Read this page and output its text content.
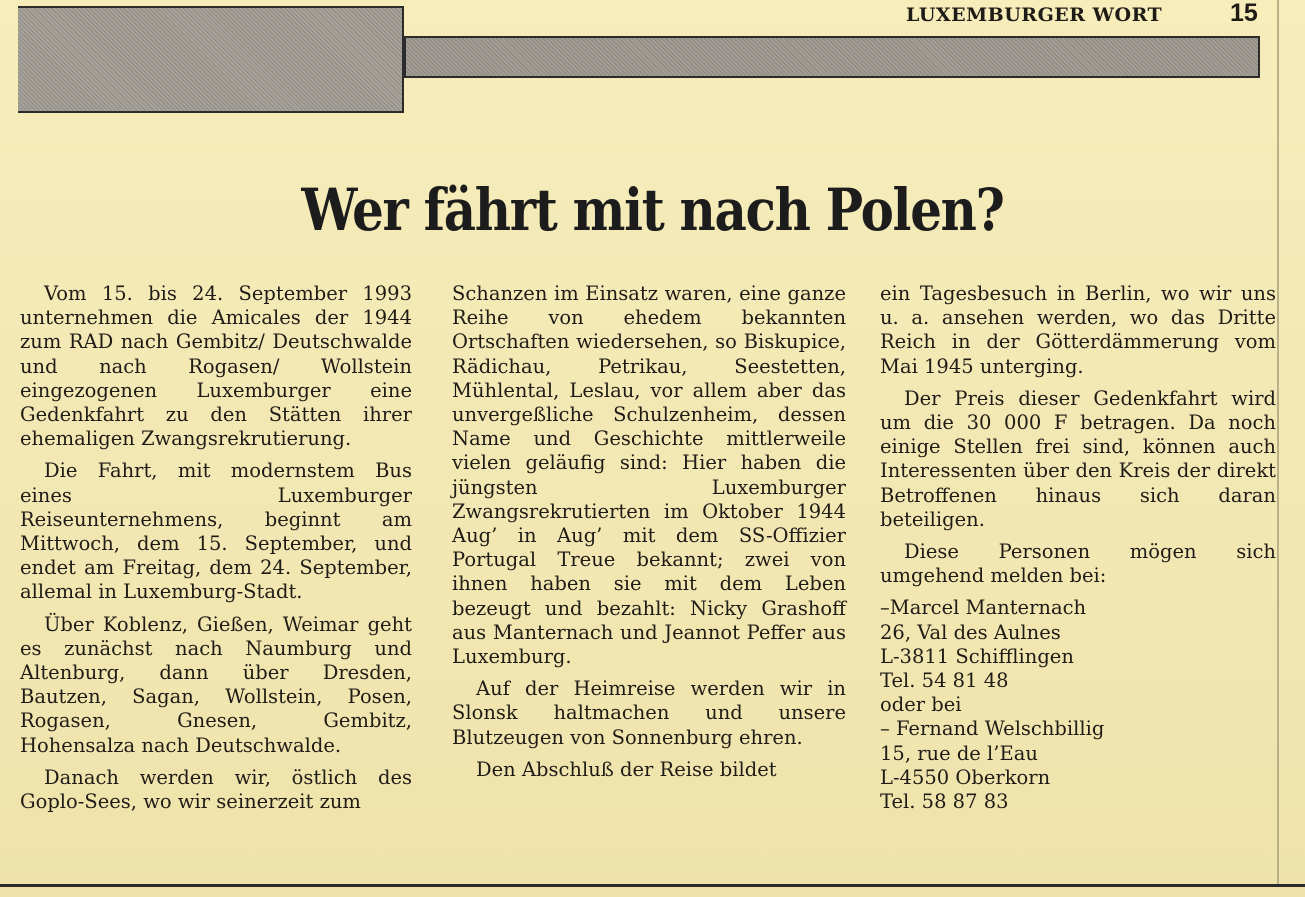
LUXEMBURGER WORT	15
Wer fährt mit nach Polen?

Vom 15. bis 24. September 1993 unternehmen die Amicales der 1944 zum RAD nach Gembitz/ Deutschwalde und nach Rogasen/ Wollstein eingezogenen Luxemburger eine Gedenkfahrt zu den Stätten ihrer ehemaligen Zwangsrekrutierung.

Die Fahrt, mit modernstem Bus eines Luxemburger Reiseunternehmens, beginnt am Mittwoch, dem 15. September, und endet am Freitag, dem 24. September, allemal in Luxemburg-Stadt.

Über Koblenz, Gießen, Weimar geht es zunächst nach Naumburg und Altenburg, dann über Dresden, Bautzen, Sagan, Wollstein, Posen, Rogasen, Gnesen, Gembitz, Hohensalza nach Deutschwalde.

Danach werden wir, östlich des Goplo-Sees, wo wir seinerzeit zum

Schanzen im Einsatz waren, eine ganze Reihe von ehedem bekannten Ortschaften wiedersehen, so Biskupice, Rädichau, Petrikau, Seestetten, Mühlental, Leslau, vor allem aber das unvergeßliche Schulzenheim, dessen Name und Geschichte mittlerweile vielen geläufig sind: Hier haben die jüngsten Luxemburger Zwangsrekrutierten im Oktober 1944 Aug’ in Aug’ mit dem SS-Offizier Portugal Treue bekannt; zwei von ihnen haben sie mit dem Leben bezeugt und bezahlt: Nicky Grashoff aus Manternach und Jeannot Peffer aus Luxemburg.

Auf der Heimreise werden wir in Slonsk haltmachen und unsere Blutzeugen von Sonnenburg ehren.

Den Abschluß der Reise bildet

ein Tagesbesuch in Berlin, wo wir uns u. a. ansehen werden, wo das Dritte Reich in der Götterdämmerung vom Mai 1945 unterging.

Der Preis dieser Gedenkfahrt wird um die 30 000 F betragen. Da noch einige Stellen frei sind, können auch Interessenten über den Kreis der direkt Betroffenen hinaus sich daran beteiligen.

Diese Personen mögen sich umgehend melden bei:

–Marcel Manternach
26, Val des Aulnes
L-3811 Schifflingen
Tel. 54 81 48
oder bei
– Fernand Welschbillig
15, rue de l’Eau
L-4550 Oberkorn
Tel. 58 87 83
